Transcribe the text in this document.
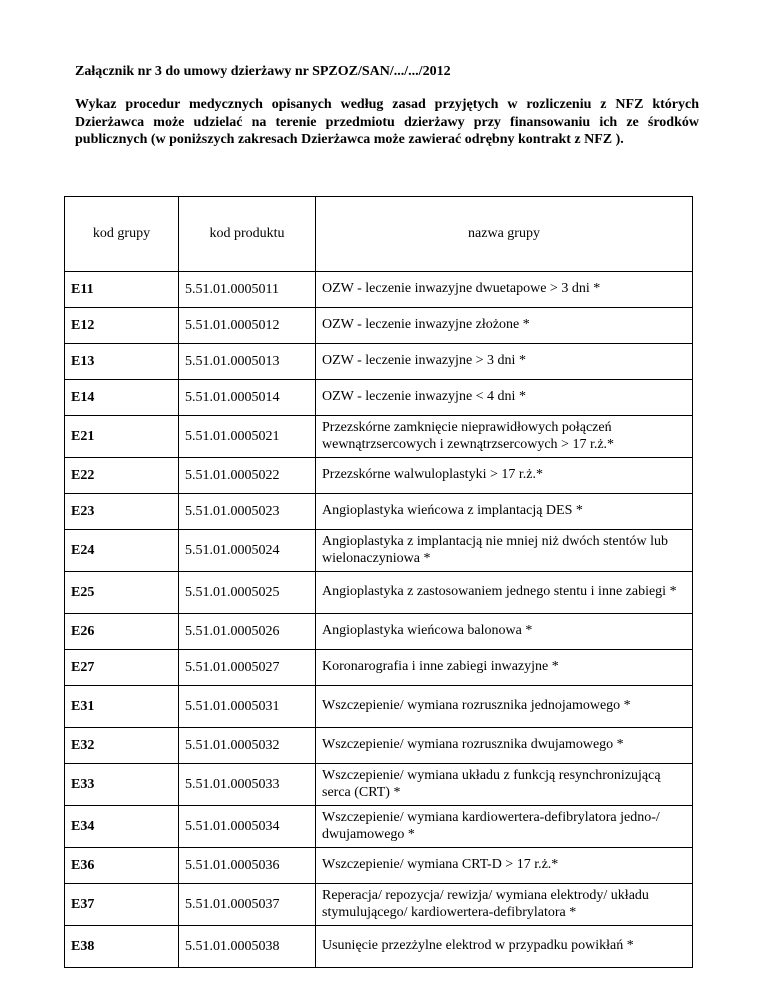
Załącznik nr 3 do umowy dzierżawy nr SPZOZ/SAN/.../.../2012

Wykaz procedur medycznych opisanych według zasad przyjętych w rozliczeniu z NFZ których Dzierżawca może udzielać na terenie przedmiotu dzierżawy przy finansowaniu ich ze środków publicznych (w poniższych zakresach Dzierżawca może zawierać odrębny kontrakt z NFZ ).

kod grupy	kod produktu	nazwa grupy
E11	5.51.01.0005011	OZW - leczenie inwazyjne dwuetapowe > 3 dni *
E12	5.51.01.0005012	OZW - leczenie inwazyjne złożone *
E13	5.51.01.0005013	OZW - leczenie inwazyjne > 3 dni *
E14	5.51.01.0005014	OZW - leczenie inwazyjne < 4 dni *
E21	5.51.01.0005021	Przezskórne zamknięcie nieprawidłowych połączeń wewnątrzsercowych i zewnątrzsercowych > 17 r.ż.*
E22	5.51.01.0005022	Przezskórne walwuloplastyki > 17 r.ż.*
E23	5.51.01.0005023	Angioplastyka wieńcowa z implantacją DES *
E24	5.51.01.0005024	Angioplastyka z implantacją nie mniej niż dwóch stentów lub wielonaczyniowa *
E25	5.51.01.0005025	Angioplastyka z zastosowaniem jednego stentu i inne zabiegi *
E26	5.51.01.0005026	Angioplastyka wieńcowa balonowa *
E27	5.51.01.0005027	Koronarografia i inne zabiegi inwazyjne *
E31	5.51.01.0005031	Wszczepienie/ wymiana rozrusznika jednojamowego *
E32	5.51.01.0005032	Wszczepienie/ wymiana rozrusznika dwujamowego *
E33	5.51.01.0005033	Wszczepienie/ wymiana układu z funkcją resynchronizującą serca (CRT) *
E34	5.51.01.0005034	Wszczepienie/ wymiana kardiowertera-defibrylatora jedno-/ dwujamowego *
E36	5.51.01.0005036	Wszczepienie/ wymiana CRT-D > 17 r.ż.*
E37	5.51.01.0005037	Reperacja/ repozycja/ rewizja/ wymiana elektrody/ układu stymulującego/ kardiowertera-defibrylatora *
E38	5.51.01.0005038	Usunięcie przezżylne elektrod w przypadku powikłań *
